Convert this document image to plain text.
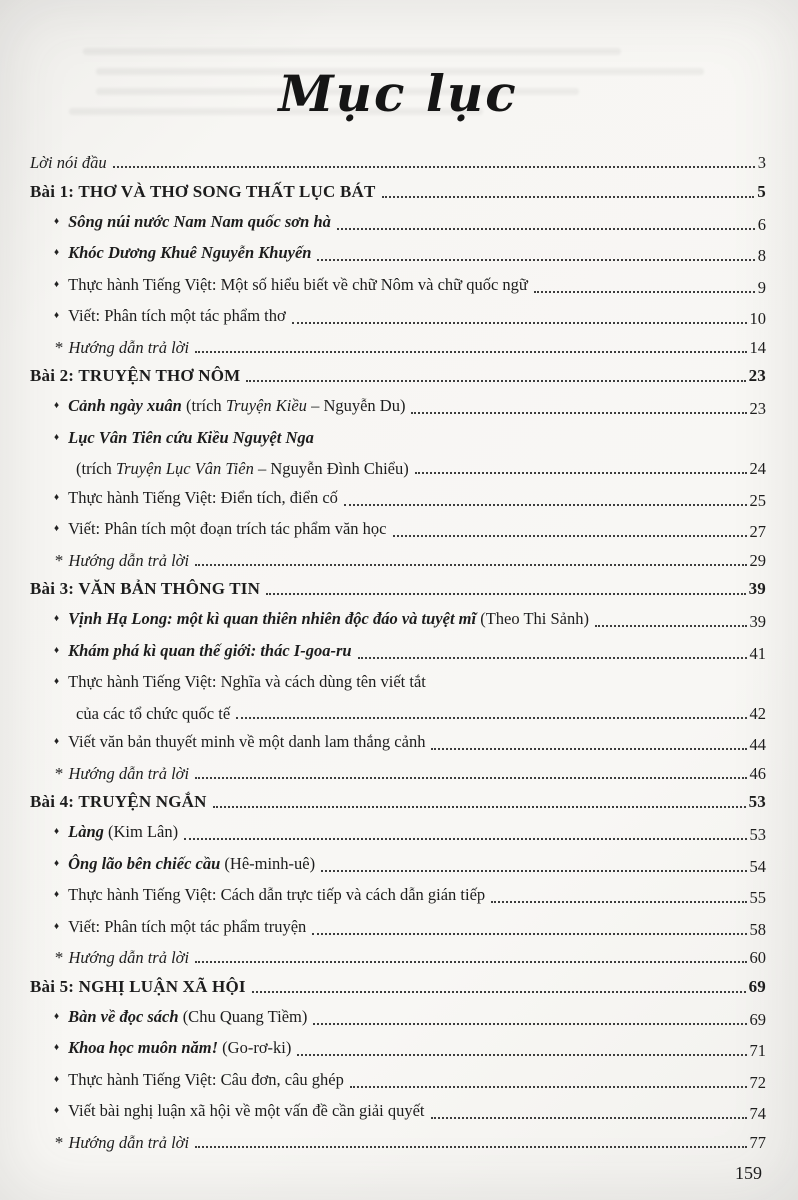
Mục lục
Lời nói đầu	3
Bài 1: THƠ VÀ THƠ SONG THẤT LỤC BÁT	5
♦ Sông núi nước Nam Nam quốc sơn hà	6
♦ Khóc Dương Khuê Nguyễn Khuyến	8
♦ Thực hành Tiếng Việt: Một số hiểu biết về chữ Nôm và chữ quốc ngữ	9
♦ Viết: Phân tích một tác phẩm thơ	10
* Hướng dẫn trả lời	14
Bài 2: TRUYỆN THƠ NÔM	23
♦ Cảnh ngày xuân (trích Truyện Kiều – Nguyễn Du)	23
♦ Lục Vân Tiên cứu Kiều Nguyệt Nga
(trích Truyện Lục Vân Tiên – Nguyễn Đình Chiểu)	24
♦ Thực hành Tiếng Việt: Điển tích, điển cố	25
♦ Viết: Phân tích một đoạn trích tác phẩm văn học	27
* Hướng dẫn trả lời	29
Bài 3: VĂN BẢN THÔNG TIN	39
♦ Vịnh Hạ Long: một kì quan thiên nhiên độc đáo và tuyệt mĩ (Theo Thi Sảnh)	39
♦ Khám phá kì quan thế giới: thác I-goa-ru	41
♦ Thực hành Tiếng Việt: Nghĩa và cách dùng tên viết tắt
của các tổ chức quốc tế	42
♦ Viết văn bản thuyết minh về một danh lam thắng cảnh	44
* Hướng dẫn trả lời	46
Bài 4: TRUYỆN NGẮN	53
♦ Làng (Kim Lân)	53
♦ Ông lão bên chiếc cầu (Hê-minh-uê)	54
♦ Thực hành Tiếng Việt: Cách dẫn trực tiếp và cách dẫn gián tiếp	55
♦ Viết: Phân tích một tác phẩm truyện	58
* Hướng dẫn trả lời	60
Bài 5: NGHỊ LUẬN XÃ HỘI	69
♦ Bàn về đọc sách (Chu Quang Tiềm)	69
♦ Khoa học muôn năm! (Go-rơ-ki)	71
♦ Thực hành Tiếng Việt: Câu đơn, câu ghép	72
♦ Viết bài nghị luận xã hội về một vấn đề cần giải quyết	74
* Hướng dẫn trả lời	77
159
